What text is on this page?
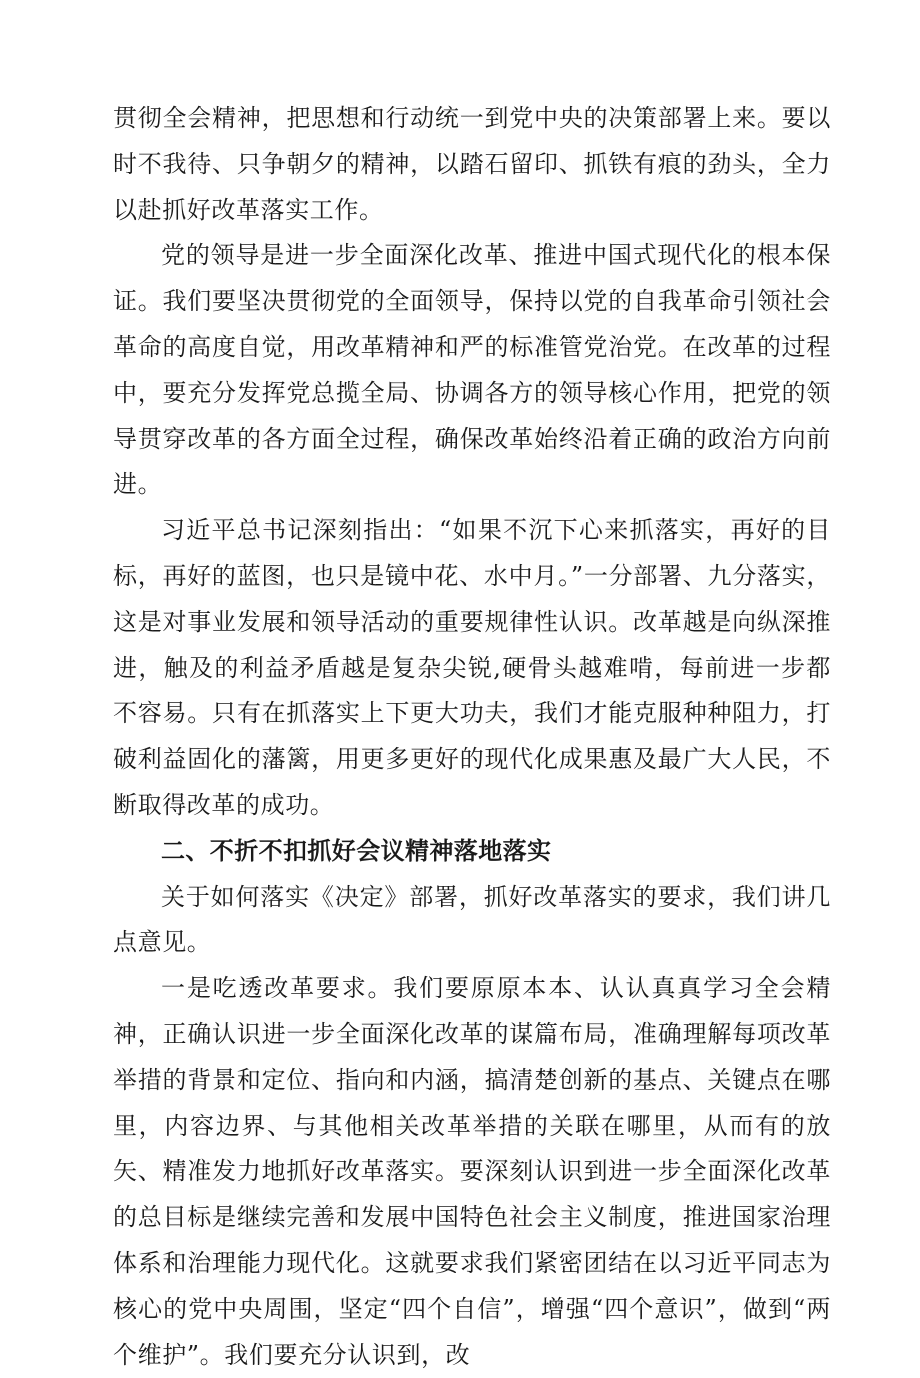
贯彻全会精神，把思想和行动统一到党中央的决策部署上来。要以时不我待、只争朝夕的精神，以踏石留印、抓铁有痕的劲头，全力以赴抓好改革落实工作。

党的领导是进一步全面深化改革、推进中国式现代化的根本保证。我们要坚决贯彻党的全面领导，保持以党的自我革命引领社会革命的高度自觉，用改革精神和严的标准管党治党。在改革的过程中，要充分发挥党总揽全局、协调各方的领导核心作用，把党的领导贯穿改革的各方面全过程，确保改革始终沿着正确的政治方向前进。

习近平总书记深刻指出：“如果不沉下心来抓落实，再好的目标，再好的蓝图，也只是镜中花、水中月。”一分部署、九分落实，这是对事业发展和领导活动的重要规律性认识。改革越是向纵深推进，触及的利益矛盾越是复杂尖锐,硬骨头越难啃，每前进一步都不容易。只有在抓落实上下更大功夫，我们才能克服种种阻力，打破利益固化的藩篱，用更多更好的现代化成果惠及最广大人民，不断取得改革的成功。

二、不折不扣抓好会议精神落地落实

关于如何落实《决定》部署，抓好改革落实的要求，我们讲几点意见。

一是吃透改革要求。我们要原原本本、认认真真学习全会精神，正确认识进一步全面深化改革的谋篇布局，准确理解每项改革举措的背景和定位、指向和内涵，搞清楚创新的基点、关键点在哪里，内容边界、与其他相关改革举措的关联在哪里，从而有的放矢、精准发力地抓好改革落实。要深刻认识到进一步全面深化改革的总目标是继续完善和发展中国特色社会主义制度，推进国家治理体系和治理能力现代化。这就要求我们紧密团结在以习近平同志为核心的党中央周围，坚定“四个自信”，增强“四个意识”，做到“两个维护”。我们要充分认识到，改
